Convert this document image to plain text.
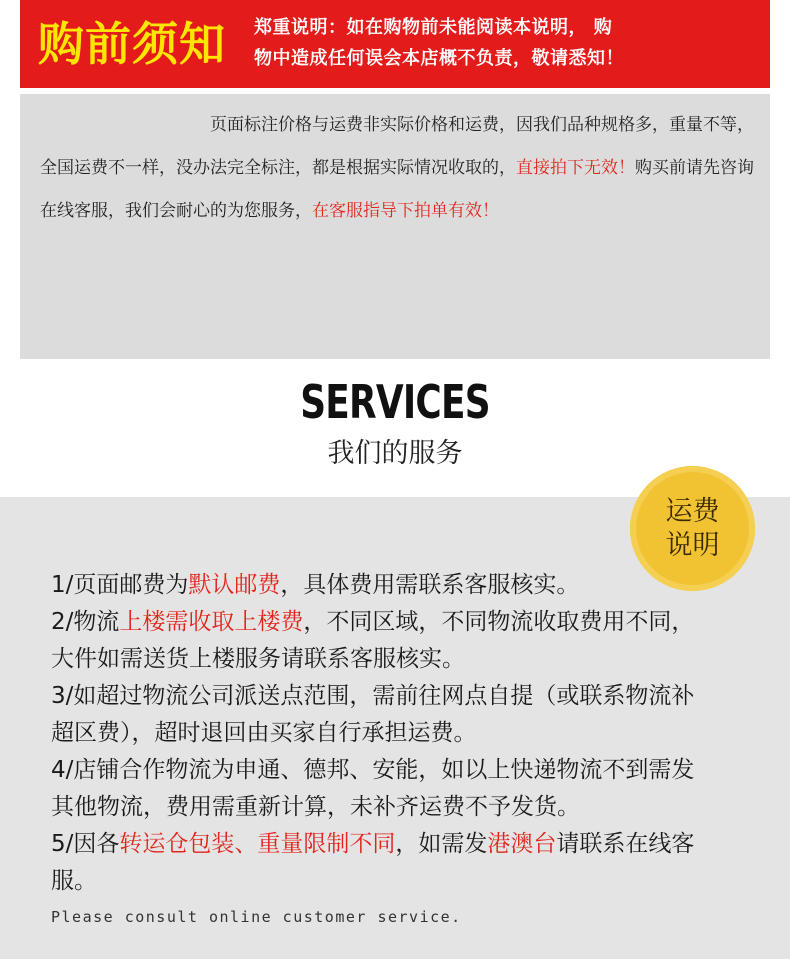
购前须知 郑重说明：如在购物前未能阅读本说明， 购
物中造成任何误会本店概不负责，敬请悉知！
页面标注价格与运费非实际价格和运费，因我们品种规格多，重量不等，
全国运费不一样，没办法完全标注，都是根据实际情况收取的，直接拍下无效！购买前请先咨询
在线客服，我们会耐心的为您服务，在客服指导下拍单有效！
SERVICES
我们的服务
运费
说明
1/页面邮费为默认邮费，具体费用需联系客服核实。
2/物流上楼需收取上楼费，不同区域，不同物流收取费用不同，
大件如需送货上楼服务请联系客服核实。
3/如超过物流公司派送点范围，需前往网点自提（或联系物流补
超区费），超时退回由买家自行承担运费。
4/店铺合作物流为申通、德邦、安能，如以上快递物流不到需发
其他物流，费用需重新计算，未补齐运费不予发货。
5/因各转运仓包装、重量限制不同，如需发港澳台请联系在线客
服。
Please consult online customer service.
